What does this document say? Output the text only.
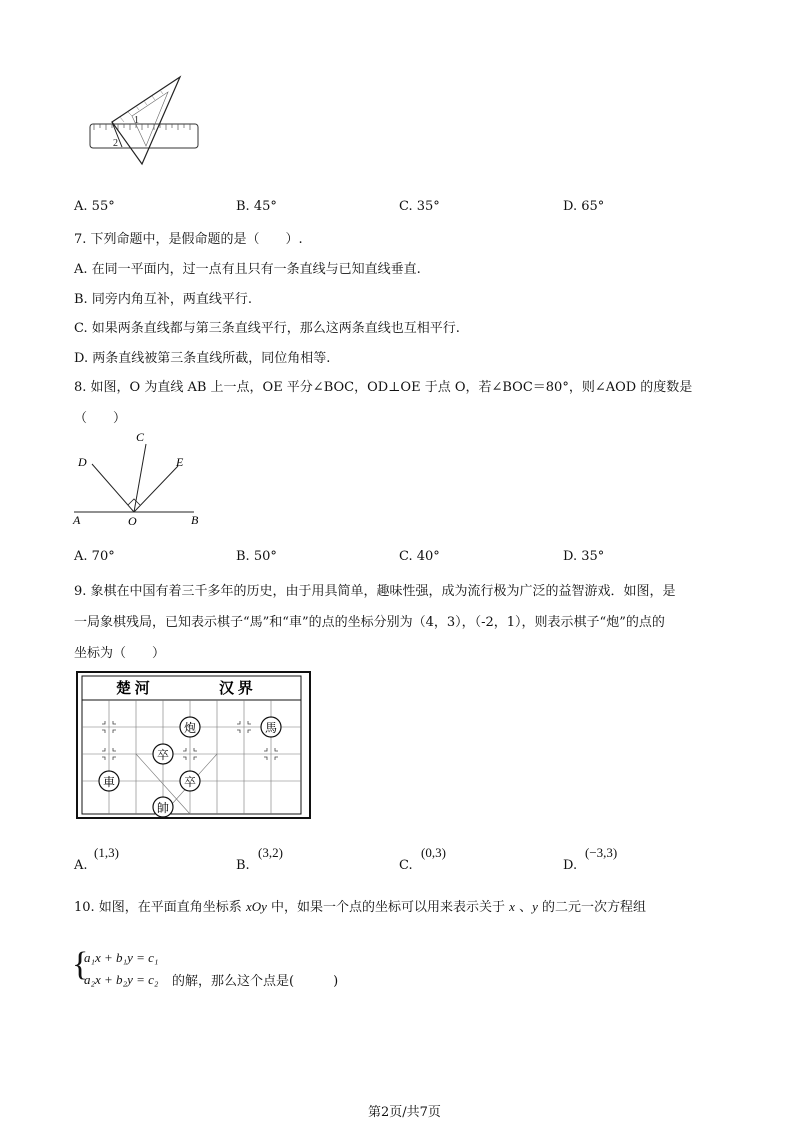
1
2
A. 55°	B. 45°	C. 35°	D. 65°
7. 下列命题中，是假命题的是（　　）.
A. 在同一平面内，过一点有且只有一条直线与已知直线垂直.
B. 同旁内角互补，两直线平行.
C. 如果两条直线都与第三条直线平行，那么这两条直线也互相平行.
D. 两条直线被第三条直线所截，同位角相等.
8. 如图，O 为直线 AB 上一点，OE 平分∠BOC，OD⊥OE 于点 O，若∠BOC＝80°，则∠AOD 的度数是
（　　）
C
D	E
A	O	B
A. 70°	B. 50°	C. 40°	D. 35°
9. 象棋在中国有着三千多年的历史，由于用具简单，趣味性强，成为流行极为广泛的益智游戏．如图，是
一局象棋残局，已知表示棋子“馬”和“車”的点的坐标分别为（4，3），（-2，1），则表示棋子“炮”的点的
坐标为（　　）
楚 河	汉 界
炮	馬
卒
車	卒
帥
A.
(1,3)
B.
(3,2)
C.
(0,3)
D.
(−3,3)
10. 如图，在平面直角坐标系 xOy 中，如果一个点的坐标可以用来表示关于 x 、y 的二元一次方程组
{
a₁x + b₁y = c₁
a₂x + b₂y = c₂ 的解，那么这个点是(　　　)
第2页/共7页
